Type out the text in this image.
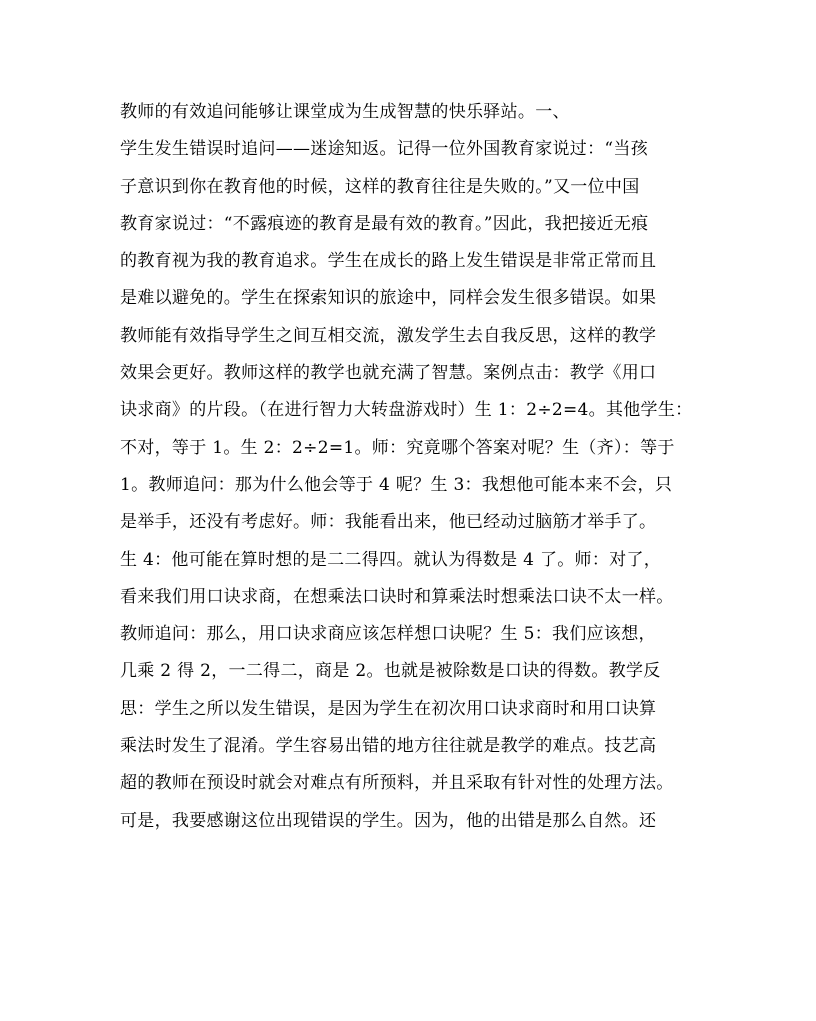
教师的有效追问能够让课堂成为生成智慧的快乐驿站。一、
学生发生错误时追问——迷途知返。记得一位外国教育家说过：“当孩
子意识到你在教育他的时候，这样的教育往往是失败的。”又一位中国
教育家说过：“不露痕迹的教育是最有效的教育。”因此，我把接近无痕
的教育视为我的教育追求。学生在成长的路上发生错误是非常正常而且
是难以避免的。学生在探索知识的旅途中，同样会发生很多错误。如果
教师能有效指导学生之间互相交流，激发学生去自我反思，这样的教学
效果会更好。教师这样的教学也就充满了智慧。案例点击：教学《用口
诀求商》的片段。（在进行智力大转盘游戏时）生 1：2÷2=4。其他学生：
不对，等于 1。生 2：2÷2=1。师：究竟哪个答案对呢？生（齐）：等于
1。教师追问：那为什么他会等于 4 呢？生 3：我想他可能本来不会，只
是举手，还没有考虑好。师：我能看出来，他已经动过脑筋才举手了。
生 4：他可能在算时想的是二二得四。就认为得数是 4 了。师：对了，
看来我们用口诀求商，在想乘法口诀时和算乘法时想乘法口诀不太一样。
教师追问：那么，用口诀求商应该怎样想口诀呢？生 5：我们应该想，
几乘 2 得 2，一二得二，商是 2。也就是被除数是口诀的得数。教学反
思：学生之所以发生错误，是因为学生在初次用口诀求商时和用口诀算
乘法时发生了混淆。学生容易出错的地方往往就是教学的难点。技艺高
超的教师在预设时就会对难点有所预料，并且采取有针对性的处理方法。
可是，我要感谢这位出现错误的学生。因为，他的出错是那么自然。还
